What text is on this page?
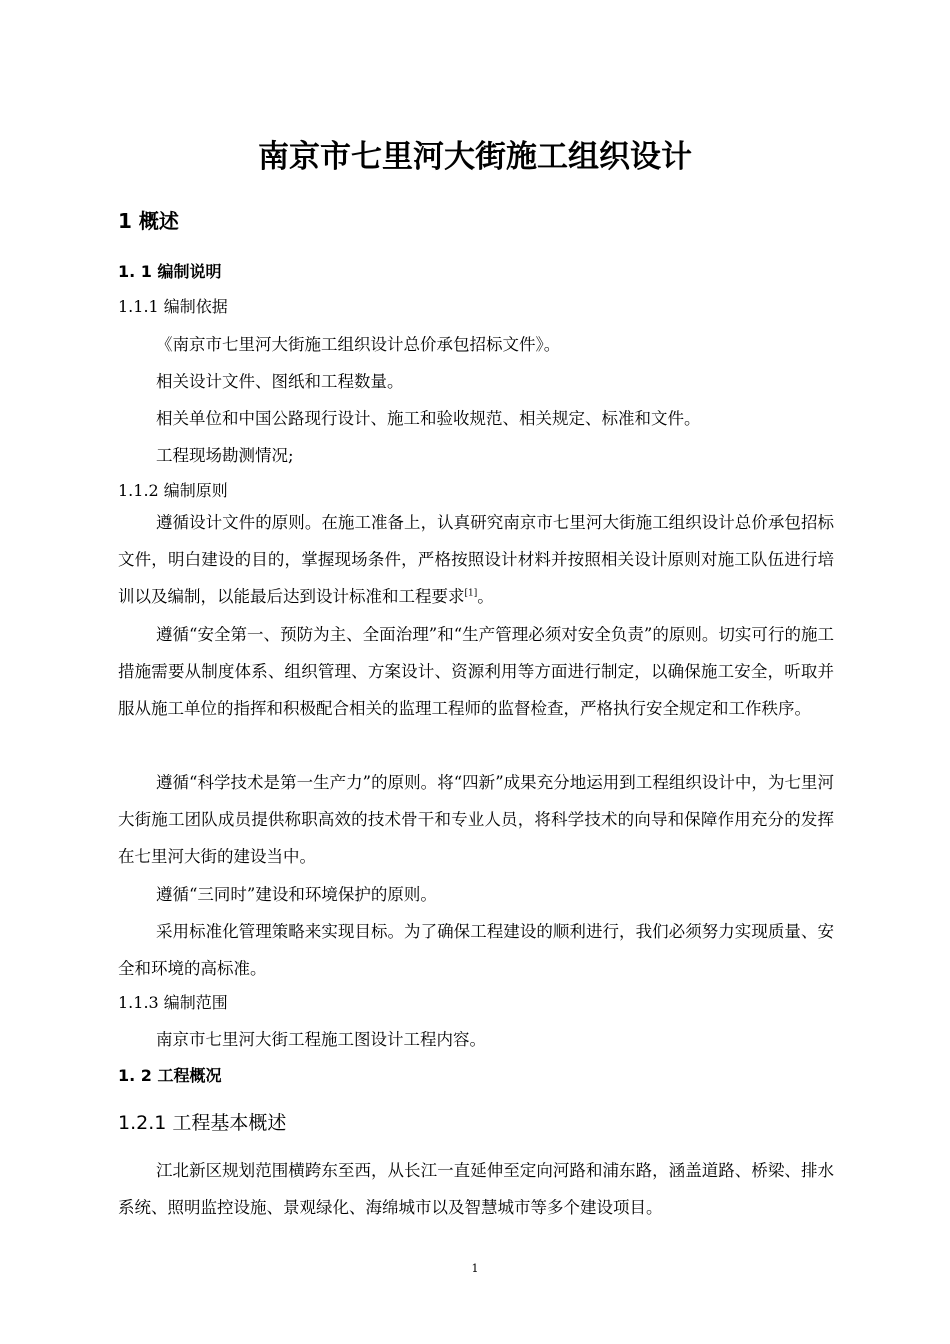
南京市七里河大街施工组织设计
1 概述
1. 1 编制说明
1.1.1 编制依据
《南京市七里河大街施工组织设计总价承包招标文件》。
相关设计文件、图纸和工程数量。
相关单位和中国公路现行设计、施工和验收规范、相关规定、标准和文件。
工程现场勘测情况;
1.1.2 编制原则

遵循设计文件的原则。在施工准备上，认真研究南京市七里河大街施工组织设计总价承包招标文件，明白建设的目的，掌握现场条件，严格按照设计材料并按照相关设计原则对施工队伍进行培训以及编制，以能最后达到设计标准和工程要求[1]。

遵循“安全第一、预防为主、全面治理”和“生产管理必须对安全负责”的原则。切实可行的施工措施需要从制度体系、组织管理、方案设计、资源利用等方面进行制定，以确保施工安全，听取并服从施工单位的指挥和积极配合相关的监理工程师的监督检查，严格执行安全规定和工作秩序。

遵循“科学技术是第一生产力”的原则。将“四新”成果充分地运用到工程组织设计中，为七里河大街施工团队成员提供称职高效的技术骨干和专业人员，将科学技术的向导和保障作用充分的发挥在七里河大街的建设当中。

遵循“三同时”建设和环境保护的原则。

采用标准化管理策略来实现目标。为了确保工程建设的顺利进行，我们必须努力实现质量、安全和环境的高标准。

1.1.3 编制范围
南京市七里河大街工程施工图设计工程内容。
1. 2 工程概况
1.2.1 工程基本概述

江北新区规划范围横跨东至西，从长江一直延伸至定向河路和浦东路，涵盖道路、桥梁、排水系统、照明监控设施、景观绿化、海绵城市以及智慧城市等多个建设项目。

1
